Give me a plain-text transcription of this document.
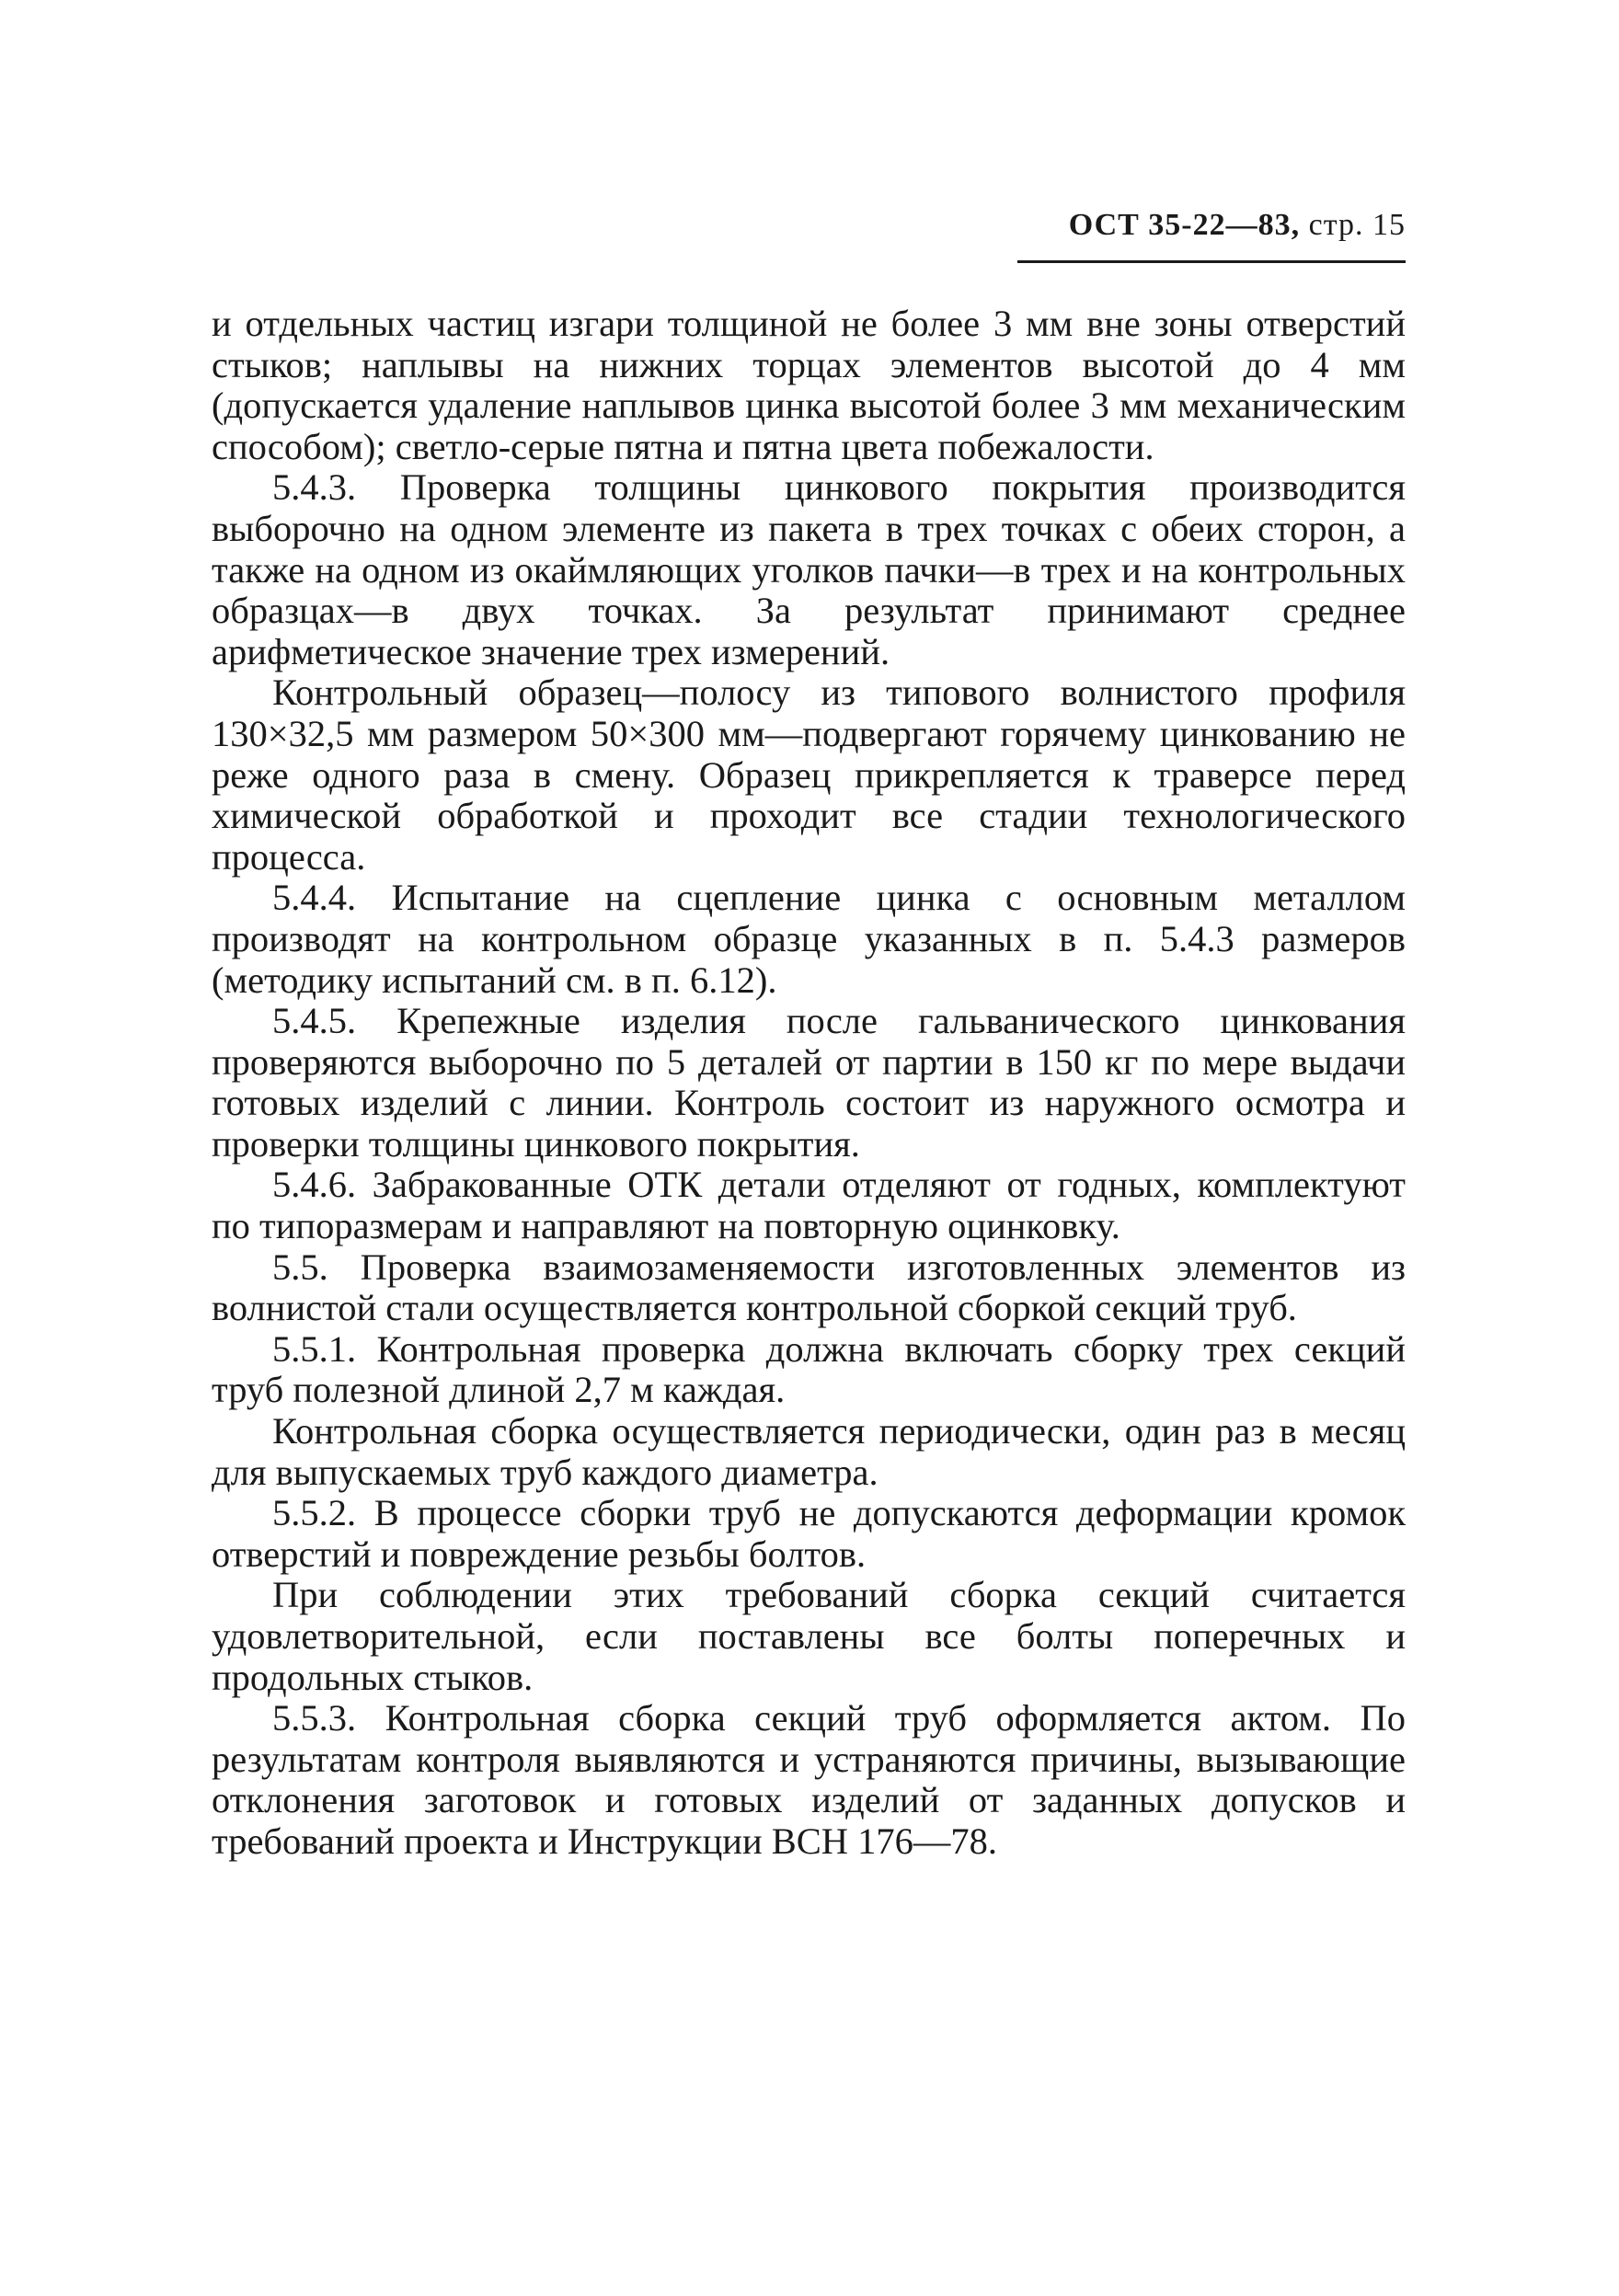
ОСТ 35-22—83, стр. 15

и отдельных частиц изгари толщиной не более 3 мм вне зоны отверстий стыков; наплывы на нижних торцах элементов высотой до 4 мм (допускается удаление наплывов цинка высотой более 3 мм механическим способом); светло-серые пятна и пятна цвета побежалости.

5.4.3. Проверка толщины цинкового покрытия производится выборочно на одном элементе из пакета в трех точках с обеих сторон, а также на одном из окаймляющих уголков пачки—в трех и на контрольных образцах—в двух точках. За результат принимают среднее арифметическое значение трех измерений.

Контрольный образец—полосу из типового волнистого профиля 130×32,5 мм размером 50×300 мм—подвергают горячему цинкованию не реже одного раза в смену. Образец прикрепляется к траверсе перед химической обработкой и проходит все стадии технологического процесса.

5.4.4. Испытание на сцепление цинка с основным металлом производят на контрольном образце указанных в п. 5.4.3 размеров (методику испытаний см. в п. 6.12).

5.4.5. Крепежные изделия после гальванического цинкования проверяются выборочно по 5 деталей от партии в 150 кг по мере выдачи готовых изделий с линии. Контроль состоит из наружного осмотра и проверки толщины цинкового покрытия.

5.4.6. Забракованные ОТК детали отделяют от годных, комплектуют по типоразмерам и направляют на повторную оцинковку.

5.5. Проверка взаимозаменяемости изготовленных элементов из волнистой стали осуществляется контрольной сборкой секций труб.

5.5.1. Контрольная проверка должна включать сборку трех секций труб полезной длиной 2,7 м каждая.

Контрольная сборка осуществляется периодически, один раз в месяц для выпускаемых труб каждого диаметра.

5.5.2. В процессе сборки труб не допускаются деформации кромок отверстий и повреждение резьбы болтов.

При соблюдении этих требований сборка секций считается удовлетворительной, если поставлены все болты поперечных и продольных стыков.

5.5.3. Контрольная сборка секций труб оформляется актом. По результатам контроля выявляются и устраняются причины, вызывающие отклонения заготовок и готовых изделий от заданных допусков и требований проекта и Инструкции ВСН 176—78.
